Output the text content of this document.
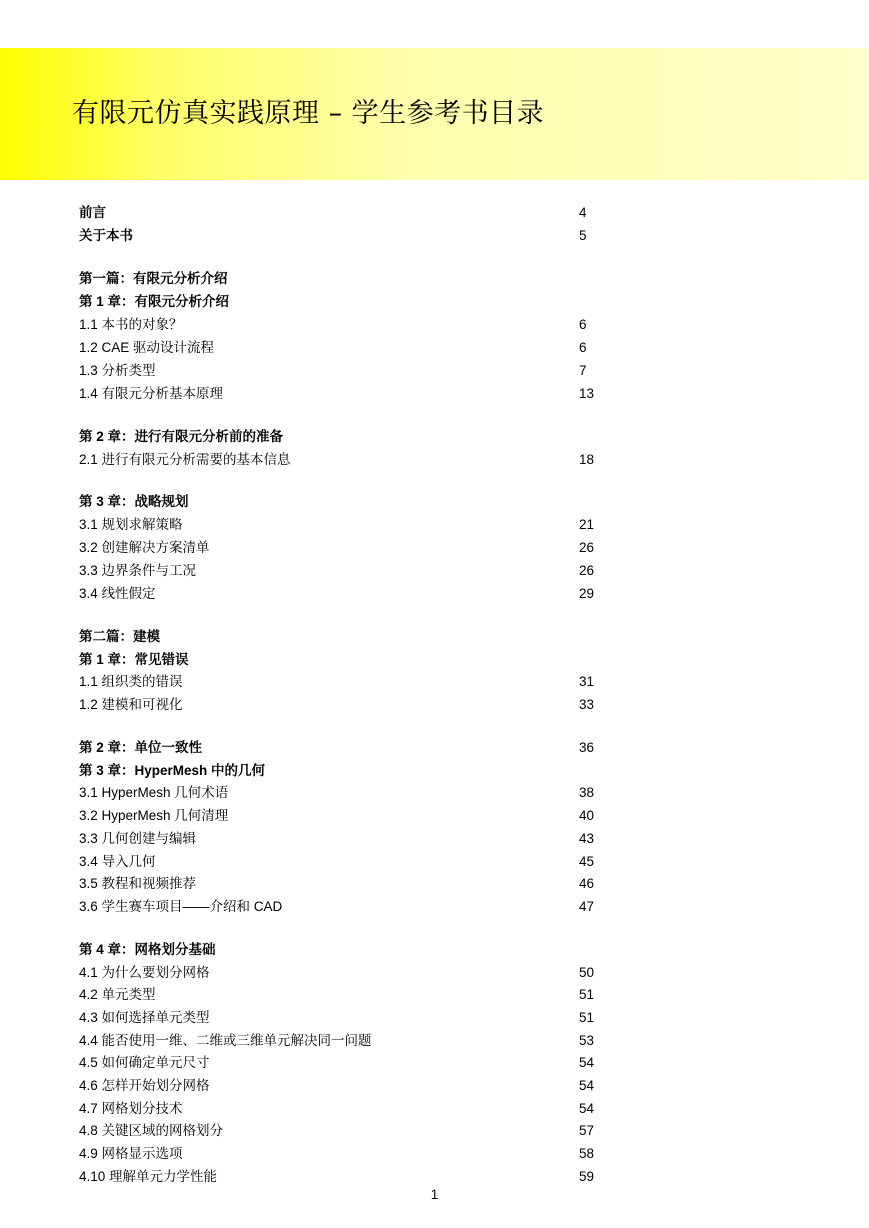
有限元仿真实践原理 – 学生参考书目录
前言	4
关于本书	5
第一篇：有限元分析介绍
第 1 章：有限元分析介绍
1.1 本书的对象？	6
1.2 CAE 驱动设计流程	6
1.3 分析类型	7
1.4 有限元分析基本原理	13
第 2 章：进行有限元分析前的准备
2.1 进行有限元分析需要的基本信息	18
第 3 章：战略规划
3.1 规划求解策略	21
3.2 创建解决方案清单	26
3.3 边界条件与工况	26
3.4 线性假定	29
第二篇：建模
第 1 章：常见错误
1.1 组织类的错误	31
1.2 建模和可视化	33
第 2 章：单位一致性	36
第 3 章：HyperMesh 中的几何
3.1 HyperMesh 几何术语	38
3.2 HyperMesh 几何清理	40
3.3 几何创建与编辑	43
3.4 导入几何	45
3.5 教程和视频推荐	46
3.6 学生赛车项目——介绍和 CAD	47
第 4 章：网格划分基础
4.1 为什么要划分网格	50
4.2 单元类型	51
4.3 如何选择单元类型	51
4.4 能否使用一维、二维或三维单元解决同一问题	53
4.5 如何确定单元尺寸	54
4.6 怎样开始划分网格	54
4.7 网格划分技术	54
4.8 关键区域的网格划分	57
4.9 网格显示选项	58
4.10 理解单元力学性能	59
1
